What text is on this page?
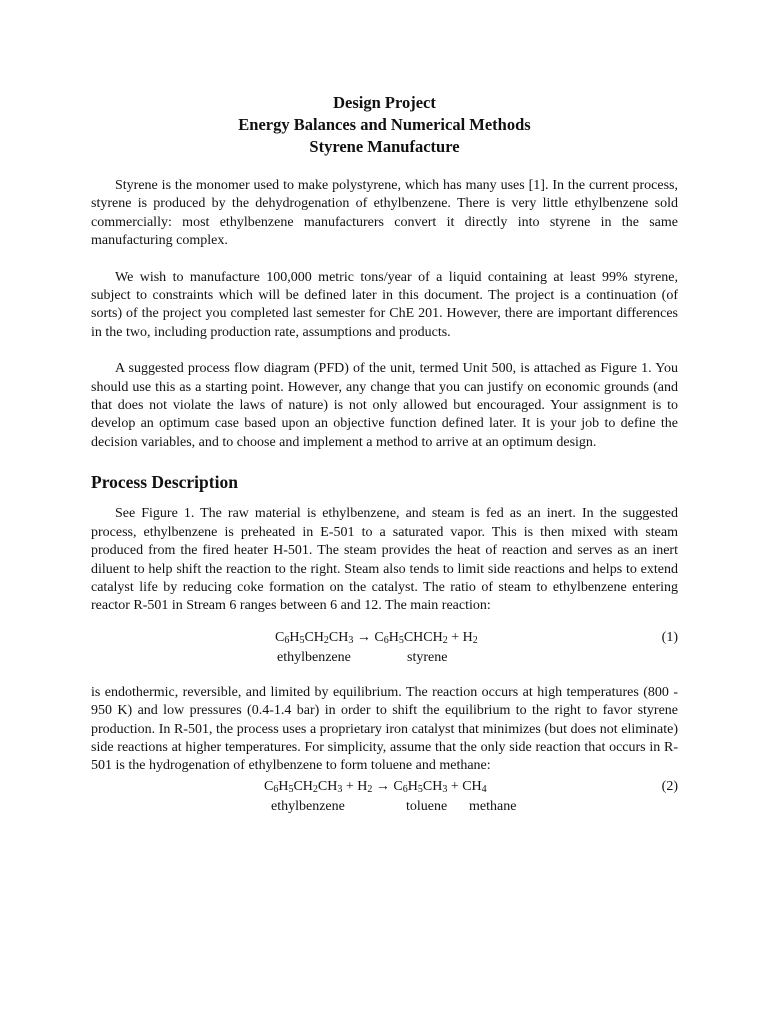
Design Project
Energy Balances and Numerical Methods
Styrene Manufacture

Styrene is the monomer used to make polystyrene, which has many uses [1]. In the current process, styrene is produced by the dehydrogenation of ethylbenzene. There is very little ethylbenzene sold commercially: most ethylbenzene manufacturers convert it directly into styrene in the same manufacturing complex.

We wish to manufacture 100,000 metric tons/year of a liquid containing at least 99% styrene, subject to constraints which will be defined later in this document. The project is a continuation (of sorts) of the project you completed last semester for ChE 201. However, there are important differences in the two, including production rate, assumptions and products.

A suggested process flow diagram (PFD) of the unit, termed Unit 500, is attached as Figure 1. You should use this as a starting point. However, any change that you can justify on economic grounds (and that does not violate the laws of nature) is not only allowed but encouraged. Your assignment is to develop an optimum case based upon an objective function defined later. It is your job to define the decision variables, and to choose and implement a method to arrive at an optimum design.

Process Description

See Figure 1. The raw material is ethylbenzene, and steam is fed as an inert. In the suggested process, ethylbenzene is preheated in E-501 to a saturated vapor. This is then mixed with steam produced from the fired heater H-501. The steam provides the heat of reaction and serves as an inert diluent to help shift the reaction to the right. Steam also tends to limit side reactions and helps to extend catalyst life by reducing coke formation on the catalyst. The ratio of steam to ethylbenzene entering reactor R-501 in Stream 6 ranges between 6 and 12. The main reaction:

$C_6H_5CH_2CH_3$ → $C_6H_5CHCH_2 + H_2$	(1)
ethylbenzene	styrene

is endothermic, reversible, and limited by equilibrium. The reaction occurs at high temperatures (800 - 950 K) and low pressures (0.4-1.4 bar) in order to shift the equilibrium to the right to favor styrene production. In R-501, the process uses a proprietary iron catalyst that minimizes (but does not eliminate) side reactions at higher temperatures. For simplicity, assume that the only side reaction that occurs in R-501 is the hydrogenation of ethylbenzene to form toluene and methane:

$C_6H_5CH_2CH_3 + H_2 \to C_6H_5CH_3 + CH_4$	(2)
ethylbenzene	toluene methane
